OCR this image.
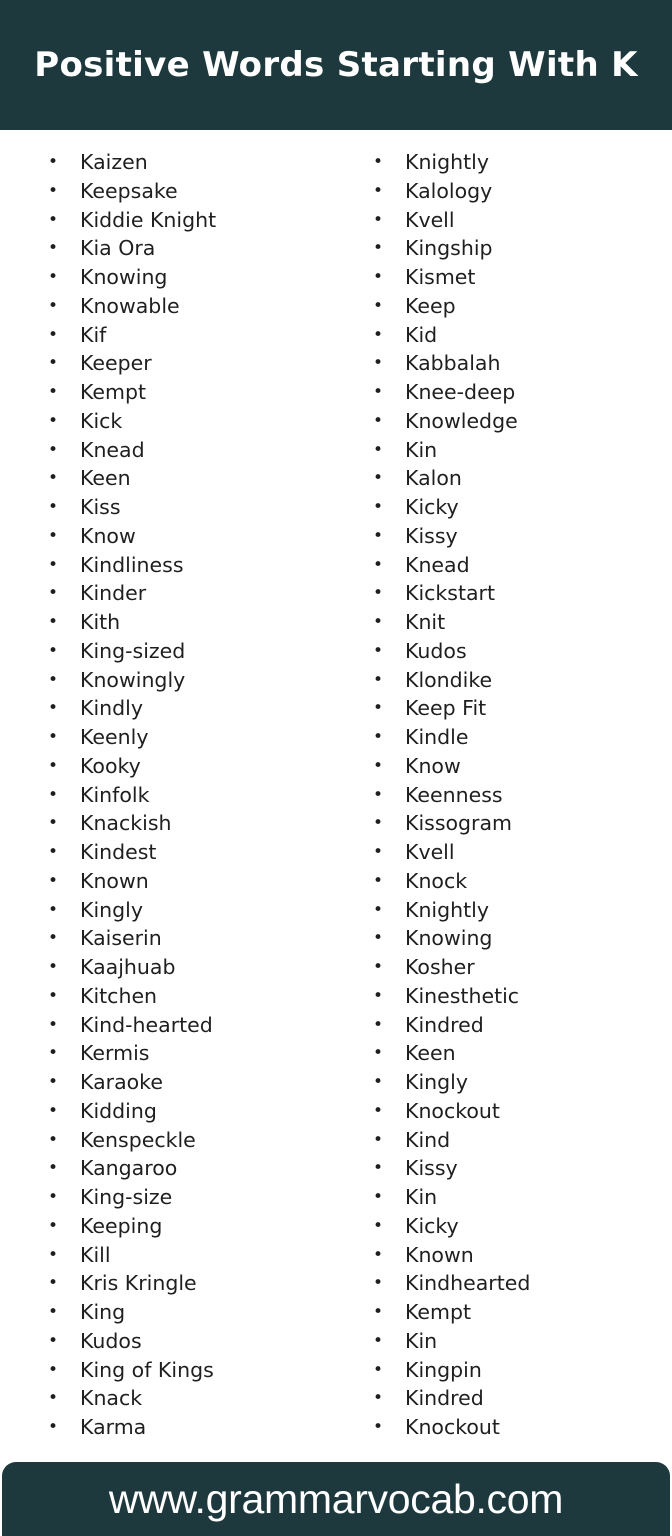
Positive Words Starting With K
• Kaizen
• Keepsake
• Kiddie Knight
• Kia Ora
• Knowing
• Knowable
• Kif
• Keeper
• Kempt
• Kick
• Knead
• Keen
• Kiss
• Know
• Kindliness
• Kinder
• Kith
• King-sized
• Knowingly
• Kindly
• Keenly
• Kooky
• Kinfolk
• Knackish
• Kindest
• Known
• Kingly
• Kaiserin
• Kaajhuab
• Kitchen
• Kind-hearted
• Kermis
• Karaoke
• Kidding
• Kenspeckle
• Kangaroo
• King-size
• Keeping
• Kill
• Kris Kringle
• King
• Kudos
• King of Kings
• Knack
• Karma
• Knightly
• Kalology
• Kvell
• Kingship
• Kismet
• Keep
• Kid
• Kabbalah
• Knee-deep
• Knowledge
• Kin
• Kalon
• Kicky
• Kissy
• Knead
• Kickstart
• Knit
• Kudos
• Klondike
• Keep Fit
• Kindle
• Know
• Keenness
• Kissogram
• Kvell
• Knock
• Knightly
• Knowing
• Kosher
• Kinesthetic
• Kindred
• Keen
• Kingly
• Knockout
• Kind
• Kissy
• Kin
• Kicky
• Known
• Kindhearted
• Kempt
• Kin
• Kingpin
• Kindred
• Knockout
www.grammarvocab.com
